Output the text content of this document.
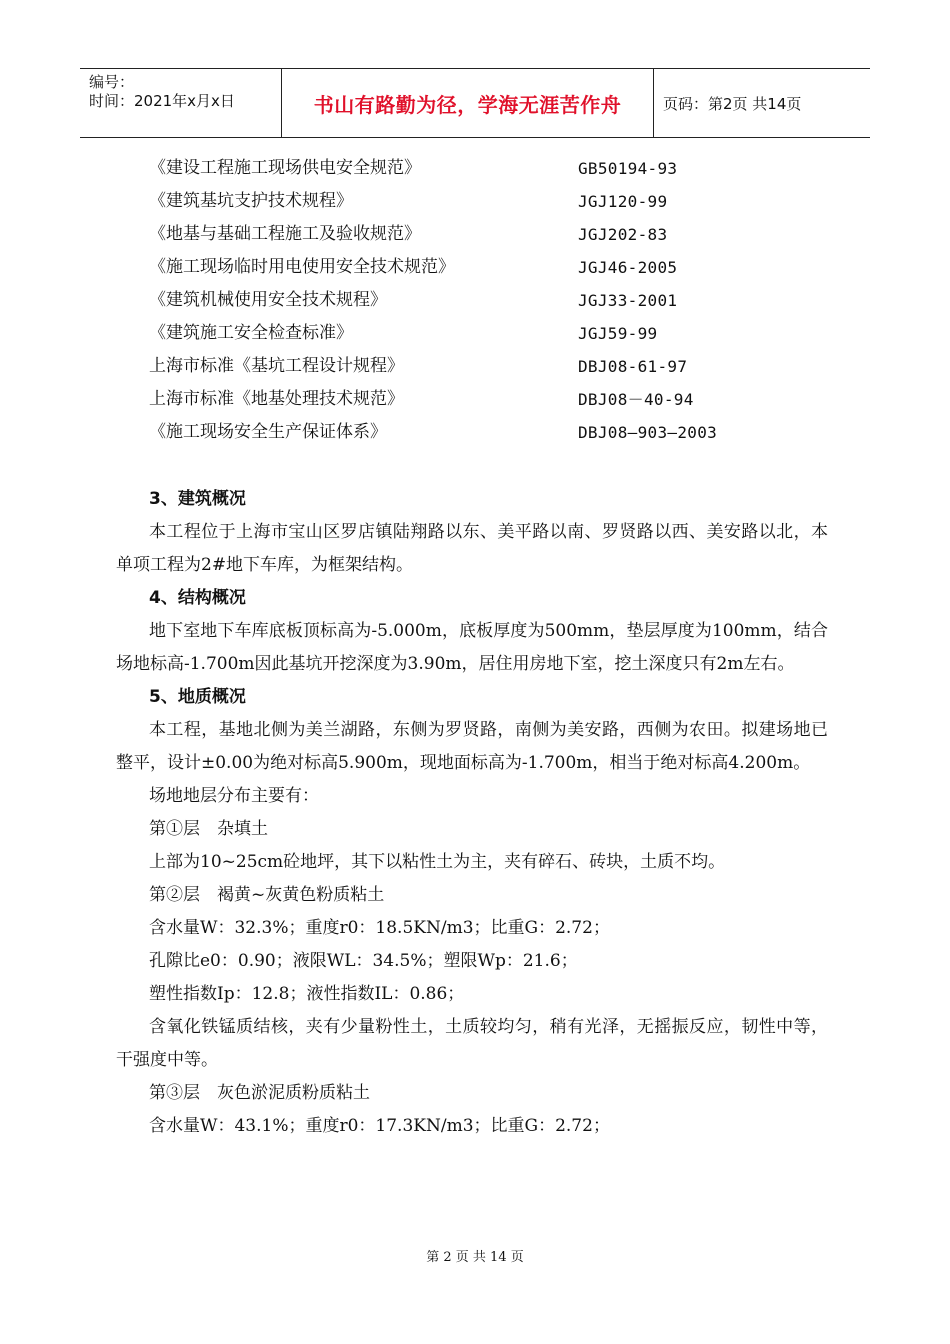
编号：
时间：2021年x月x日	书山有路勤为径，学海无涯苦作舟	页码：第2页 共14页
《建设工程施工现场供电安全规范》	GB50194-93
《建筑基坑支护技术规程》	JGJ120-99
《地基与基础工程施工及验收规范》	JGJ202-83
《施工现场临时用电使用安全技术规范》	JGJ46-2005
《建筑机械使用安全技术规程》	JGJ33-2001
《建筑施工安全检查标准》	JGJ59-99
上海市标准《基坑工程设计规程》	DBJ08-61-97
上海市标准《地基处理技术规范》	DBJ08－40-94
《施工现场安全生产保证体系》	DBJ08—903—2003
3、建筑概况

本工程位于上海市宝山区罗店镇陆翔路以东、美平路以南、罗贤路以西、美安路以北，本单项工程为2#地下车库，为框架结构。

4、结构概况

地下室地下车库底板顶标高为-5.000m，底板厚度为500mm，垫层厚度为100mm，结合场地标高-1.700m因此基坑开挖深度为3.90m，居住用房地下室，挖土深度只有2m左右。

5、地质概况

本工程，基地北侧为美兰湖路，东侧为罗贤路，南侧为美安路，西侧为农田。拟建场地已整平，设计±0.00为绝对标高5.900m，现地面标高为-1.700m，相当于绝对标高4.200m。

场地地层分布主要有：

第①层　杂填土

上部为10~25cm砼地坪，其下以粘性土为主，夹有碎石、砖块，土质不均。

第②层　褐黄~灰黄色粉质粘土

含水量W：32.3%；重度r0：18.5KN/m3；比重G：2.72；

孔隙比e0：0.90；液限WL：34.5%；塑限Wp：21.6；

塑性指数Ip：12.8；液性指数IL：0.86；

含氧化铁锰质结核，夹有少量粉性土，土质较均匀，稍有光泽，无摇振反应，韧性中等，干强度中等。

第③层　灰色淤泥质粉质粘土

含水量W：43.1%；重度r0：17.3KN/m3；比重G：2.72；

第 2 页 共 14 页
